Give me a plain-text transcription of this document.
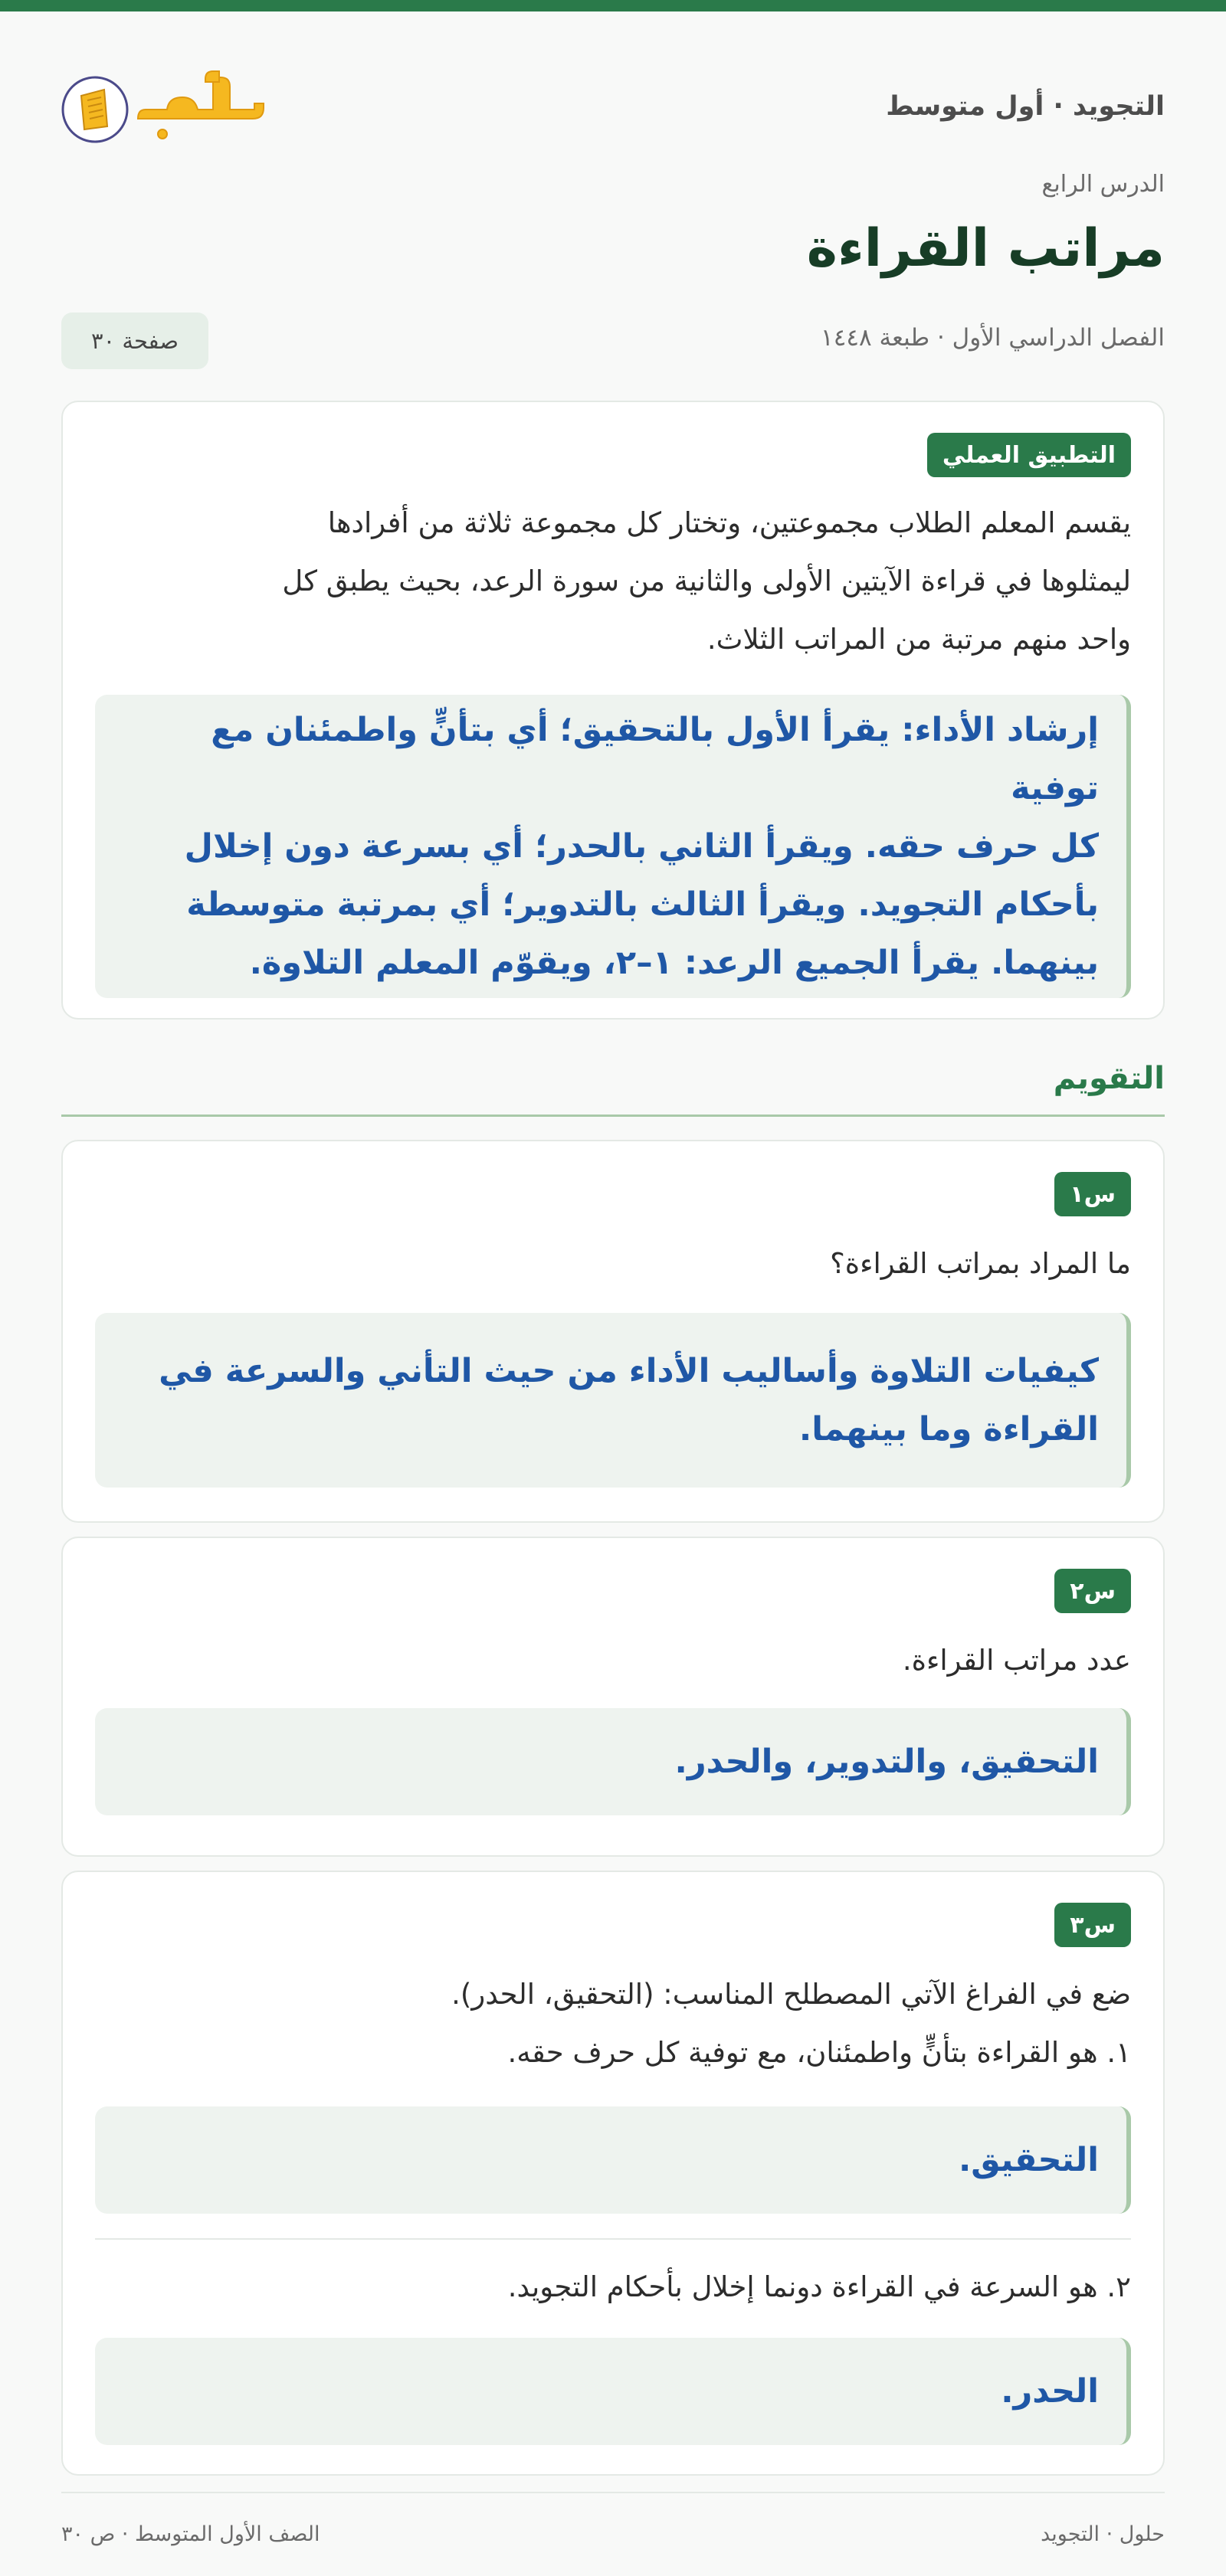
التجويد · أول متوسط
الدرس الرابع
مراتب القراءة
الفصل الدراسي الأول · طبعة ١٤٤٨
صفحة ٣٠
التطبيق العملي
يقسم المعلم الطلاب مجموعتين، وتختار كل مجموعة ثلاثة من أفرادها
ليمثلوها في قراءة الآيتين الأولى والثانية من سورة الرعد، بحيث يطبق كل
واحد منهم مرتبة من المراتب الثلاث.
إرشاد الأداء: يقرأ الأول بالتحقيق؛ أي بتأنٍّ واطمئنان مع توفية
كل حرف حقه. ويقرأ الثاني بالحدر؛ أي بسرعة دون إخلال
بأحكام التجويد. ويقرأ الثالث بالتدوير؛ أي بمرتبة متوسطة
بينهما. يقرأ الجميع الرعد: ١–٢، ويقوّم المعلم التلاوة.
التقويم
س١
ما المراد بمراتب القراءة؟
كيفيات التلاوة وأساليب الأداء من حيث التأني والسرعة في
القراءة وما بينهما.
س٢
عدد مراتب القراءة.
التحقيق، والتدوير، والحدر.
س٣
ضع في الفراغ الآتي المصطلح المناسب: (التحقيق، الحدر).
١. هو القراءة بتأنٍّ واطمئنان، مع توفية كل حرف حقه.
التحقيق.
٢. هو السرعة في القراءة دونما إخلال بأحكام التجويد.
الحدر.
حلول · التجويد
الصف الأول المتوسط · ص ٣٠
